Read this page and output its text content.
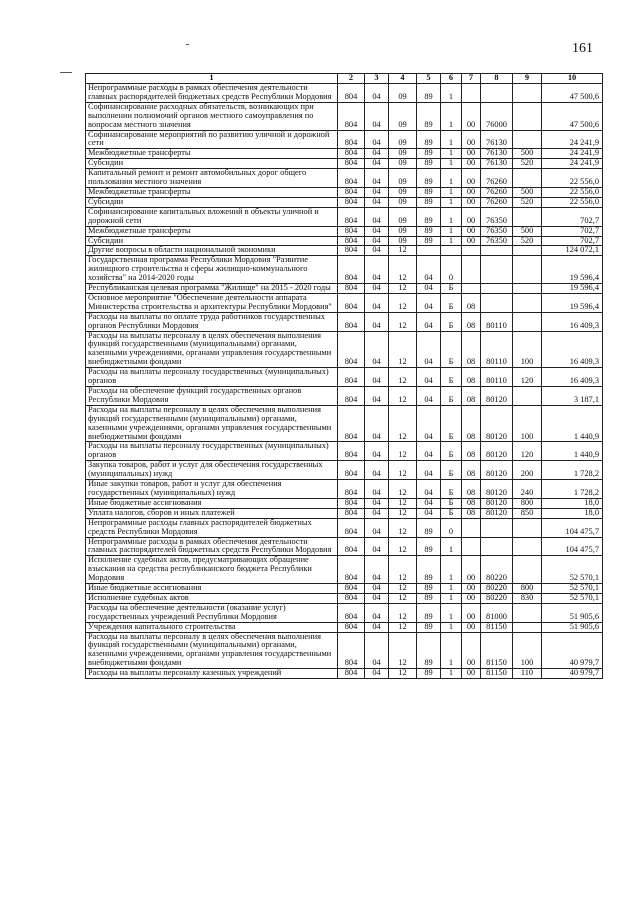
161
1	2	3	4	5	6	7	8	9	10
Непрограммные расходы в рамках обеспечения деятельности главных распорядителей бюджетных средств Республики Мордовия	804	04	09	89	1				47 500,6
Софинансирование расходных обязательств, возникающих при выполнении полномочий органов местного самоуправления по вопросам местного значения	804	04	09	89	1	00	76000		47 500,6
Софинансирование мероприятий по развитию уличной и дорожной сети	804	04	09	89	1	00	76130		24 241,9
Межбюджетные трансферты	804	04	09	89	1	00	76130	500	24 241,9
Субсидии	804	04	09	89	1	00	76130	520	24 241,9
Капитальный ремонт и ремонт автомобильных дорог общего пользования местного значения	804	04	09	89	1	00	76260		22 556,0
Межбюджетные трансферты	804	04	09	89	1	00	76260	500	22 556,0
Субсидии	804	04	09	89	1	00	76260	520	22 556,0
Софинансирование капитальных вложений в объекты уличной и дорожной сети	804	04	09	89	1	00	76350		702,7
Межбюджетные трансферты	804	04	09	89	1	00	76350	500	702,7
Субсидии	804	04	09	89	1	00	76350	520	702,7
Другие вопросы в области национальной экономики	804	04	12						124 072,1
Государственная программа Республики Мордовия "Развитие жилищного строительства и сферы жилищно-коммунального хозяйства" на 2014-2020 годы	804	04	12	04	0				19 596,4
Республиканская целевая программа "Жилище" на 2015 - 2020 годы	804	04	12	04	Б				19 596,4
Основное мероприятие "Обеспечение деятельности аппарата Министерства строительства и архитектуры Республики Мордовия"	804	04	12	04	Б	08			19 596,4
Расходы на выплаты по оплате труда работников государственных органов Республики Мордовия	804	04	12	04	Б	08	80110		16 409,3
Расходы на выплаты персоналу в целях обеспечения выполнения функций государственными (муниципальными) органами, казенными учреждениями, органами управления государственными внебюджетными фондами	804	04	12	04	Б	08	80110	100	16 409,3
Расходы на выплаты персоналу государственных (муниципальных) органов	804	04	12	04	Б	08	80110	120	16 409,3
Расходы на обеспечение функций государственных органов Республики Мордовия	804	04	12	04	Б	08	80120		3 187,1
Расходы на выплаты персоналу в целях обеспечения выполнения функций государственными (муниципальными) органами, казенными учреждениями, органами управления государственными внебюджетными фондами	804	04	12	04	Б	08	80120	100	1 440,9
Расходы на выплаты персоналу государственных (муниципальных) органов	804	04	12	04	Б	08	80120	120	1 440,9
Закупка товаров, работ и услуг для обеспечения государственных (муниципальных) нужд	804	04	12	04	Б	08	80120	200	1 728,2
Иные закупки товаров, работ и услуг для обеспечения государственных (муниципальных) нужд	804	04	12	04	Б	08	80120	240	1 728,2
Иные бюджетные ассигнования	804	04	12	04	Б	08	80120	800	18,0
Уплата налогов, сборов и иных платежей	804	04	12	04	Б	08	80120	850	18,0
Непрограммные расходы главных распорядителей бюджетных средств Республики Мордовия	804	04	12	89	0				104 475,7
Непрограммные расходы в рамках обеспечения деятельности главных распорядителей бюджетных средств Республики Мордовия	804	04	12	89	1				104 475,7
Исполнение судебных актов, предусматривающих обращение взыскания на средства республиканского бюджета Республики Мордовия	804	04	12	89	1	00	80220		52 570,1
Иные бюджетные ассигнования	804	04	12	89	1	00	80220	800	52 570,1
Исполнение судебных актов	804	04	12	89	1	00	80220	830	52 570,1
Расходы на обеспечение деятельности (оказание услуг) государственных учреждений Республики Мордовия	804	04	12	89	1	00	81000		51 905,6
Учреждения капитального строительства	804	04	12	89	1	00	81150		51 905,6
Расходы на выплаты персоналу в целях обеспечения выполнения функций государственными (муниципальными) органами, казенными учреждениями, органами управления государственными внебюджетными фондами	804	04	12	89	1	00	81150	100	40 979,7
Расходы на выплаты персоналу казенных учреждений	804	04	12	89	1	00	81150	110	40 979,7
